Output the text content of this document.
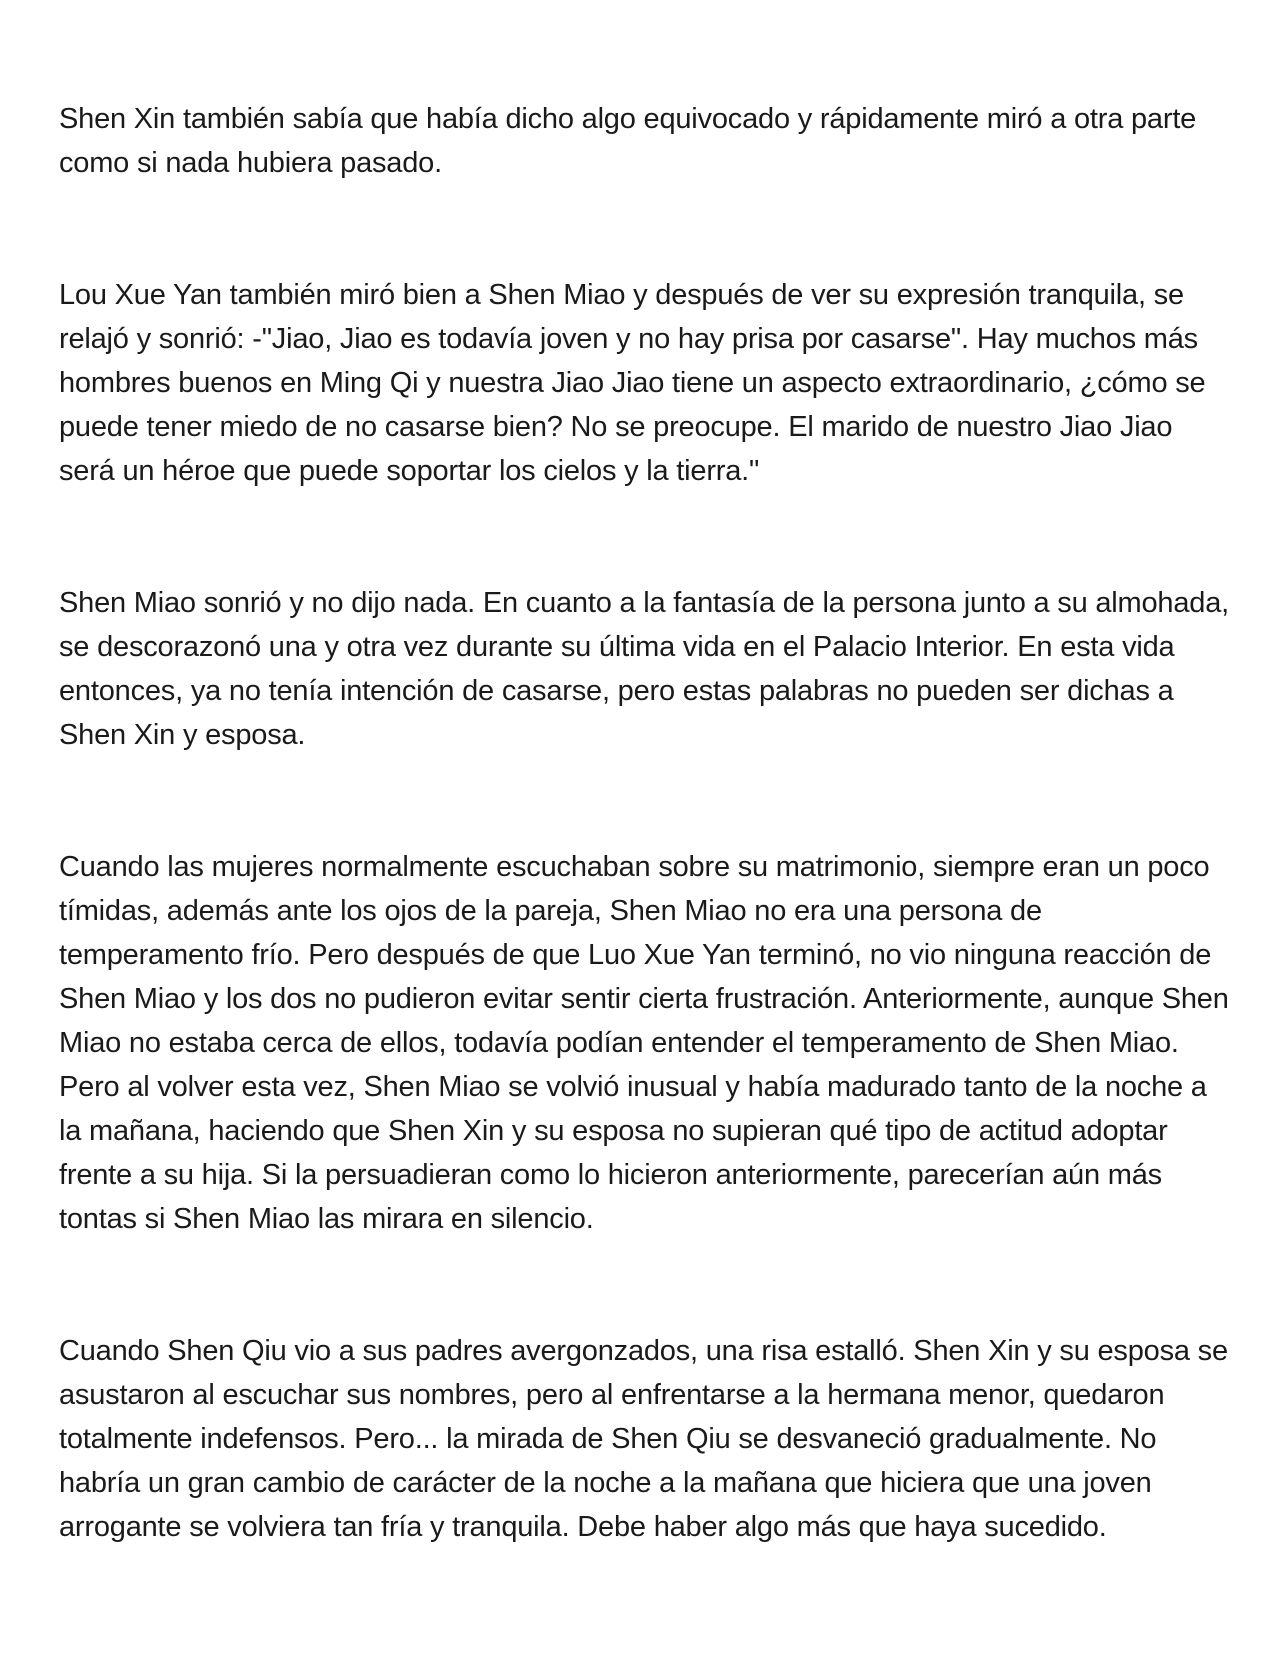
Shen Xin también sabía que había dicho algo equivocado y rápidamente miró a otra parte como si nada hubiera pasado.

Lou Xue Yan también miró bien a Shen Miao y después de ver su expresión tranquila, se relajó y sonrió: -"Jiao, Jiao es todavía joven y no hay prisa por casarse". Hay muchos más hombres buenos en Ming Qi y nuestra Jiao Jiao tiene un aspecto extraordinario, ¿cómo se puede tener miedo de no casarse bien? No se preocupe. El marido de nuestro Jiao Jiao será un héroe que puede soportar los cielos y la tierra."

Shen Miao sonrió y no dijo nada. En cuanto a la fantasía de la persona junto a su almohada, se descorazonó una y otra vez durante su última vida en el Palacio Interior. En esta vida entonces, ya no tenía intención de casarse, pero estas palabras no pueden ser dichas a Shen Xin y esposa.

Cuando las mujeres normalmente escuchaban sobre su matrimonio, siempre eran un poco tímidas, además ante los ojos de la pareja, Shen Miao no era una persona de temperamento frío. Pero después de que Luo Xue Yan terminó, no vio ninguna reacción de Shen Miao y los dos no pudieron evitar sentir cierta frustración. Anteriormente, aunque Shen Miao no estaba cerca de ellos, todavía podían entender el temperamento de Shen Miao. Pero al volver esta vez, Shen Miao se volvió inusual y había madurado tanto de la noche a la mañana, haciendo que Shen Xin y su esposa no supieran qué tipo de actitud adoptar frente a su hija. Si la persuadieran como lo hicieron anteriormente, parecerían aún más tontas si Shen Miao las mirara en silencio.

Cuando Shen Qiu vio a sus padres avergonzados, una risa estalló. Shen Xin y su esposa se asustaron al escuchar sus nombres, pero al enfrentarse a la hermana menor, quedaron totalmente indefensos. Pero... la mirada de Shen Qiu se desvaneció gradualmente. No habría un gran cambio de carácter de la noche a la mañana que hiciera que una joven arrogante se volviera tan fría y tranquila. Debe haber algo más que haya sucedido.
